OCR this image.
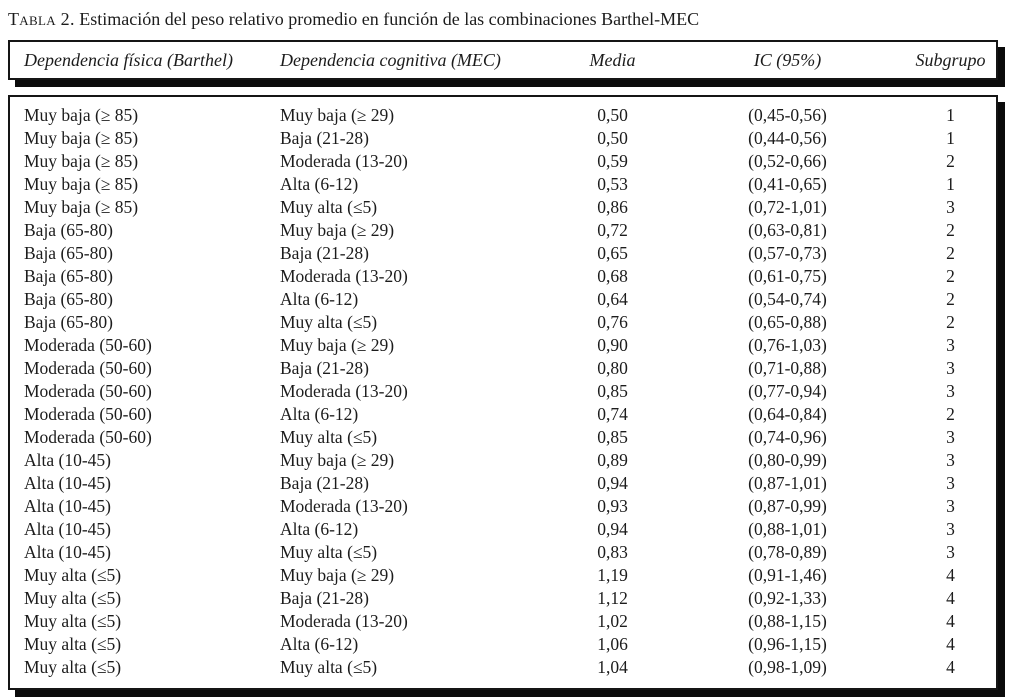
Tabla 2. Estimación del peso relativo promedio en función de las combinaciones Barthel-MEC
Dependencia física (Barthel)	Dependencia cognitiva (MEC)	Media	IC (95%)	Subgrupo
Muy baja (≥ 85)	Muy baja (≥ 29)	0,50	(0,45-0,56)	1
Muy baja (≥ 85)	Baja (21-28)	0,50	(0,44-0,56)	1
Muy baja (≥ 85)	Moderada (13-20)	0,59	(0,52-0,66)	2
Muy baja (≥ 85)	Alta (6-12)	0,53	(0,41-0,65)	1
Muy baja (≥ 85)	Muy alta (≤5)	0,86	(0,72-1,01)	3
Baja (65-80)	Muy baja (≥ 29)	0,72	(0,63-0,81)	2
Baja (65-80)	Baja (21-28)	0,65	(0,57-0,73)	2
Baja (65-80)	Moderada (13-20)	0,68	(0,61-0,75)	2
Baja (65-80)	Alta (6-12)	0,64	(0,54-0,74)	2
Baja (65-80)	Muy alta (≤5)	0,76	(0,65-0,88)	2
Moderada (50-60)	Muy baja (≥ 29)	0,90	(0,76-1,03)	3
Moderada (50-60)	Baja (21-28)	0,80	(0,71-0,88)	3
Moderada (50-60)	Moderada (13-20)	0,85	(0,77-0,94)	3
Moderada (50-60)	Alta (6-12)	0,74	(0,64-0,84)	2
Moderada (50-60)	Muy alta (≤5)	0,85	(0,74-0,96)	3
Alta (10-45)	Muy baja (≥ 29)	0,89	(0,80-0,99)	3
Alta (10-45)	Baja (21-28)	0,94	(0,87-1,01)	3
Alta (10-45)	Moderada (13-20)	0,93	(0,87-0,99)	3
Alta (10-45)	Alta (6-12)	0,94	(0,88-1,01)	3
Alta (10-45)	Muy alta (≤5)	0,83	(0,78-0,89)	3
Muy alta (≤5)	Muy baja (≥ 29)	1,19	(0,91-1,46)	4
Muy alta (≤5)	Baja (21-28)	1,12	(0,92-1,33)	4
Muy alta (≤5)	Moderada (13-20)	1,02	(0,88-1,15)	4
Muy alta (≤5)	Alta (6-12)	1,06	(0,96-1,15)	4
Muy alta (≤5)	Muy alta (≤5)	1,04	(0,98-1,09)	4
